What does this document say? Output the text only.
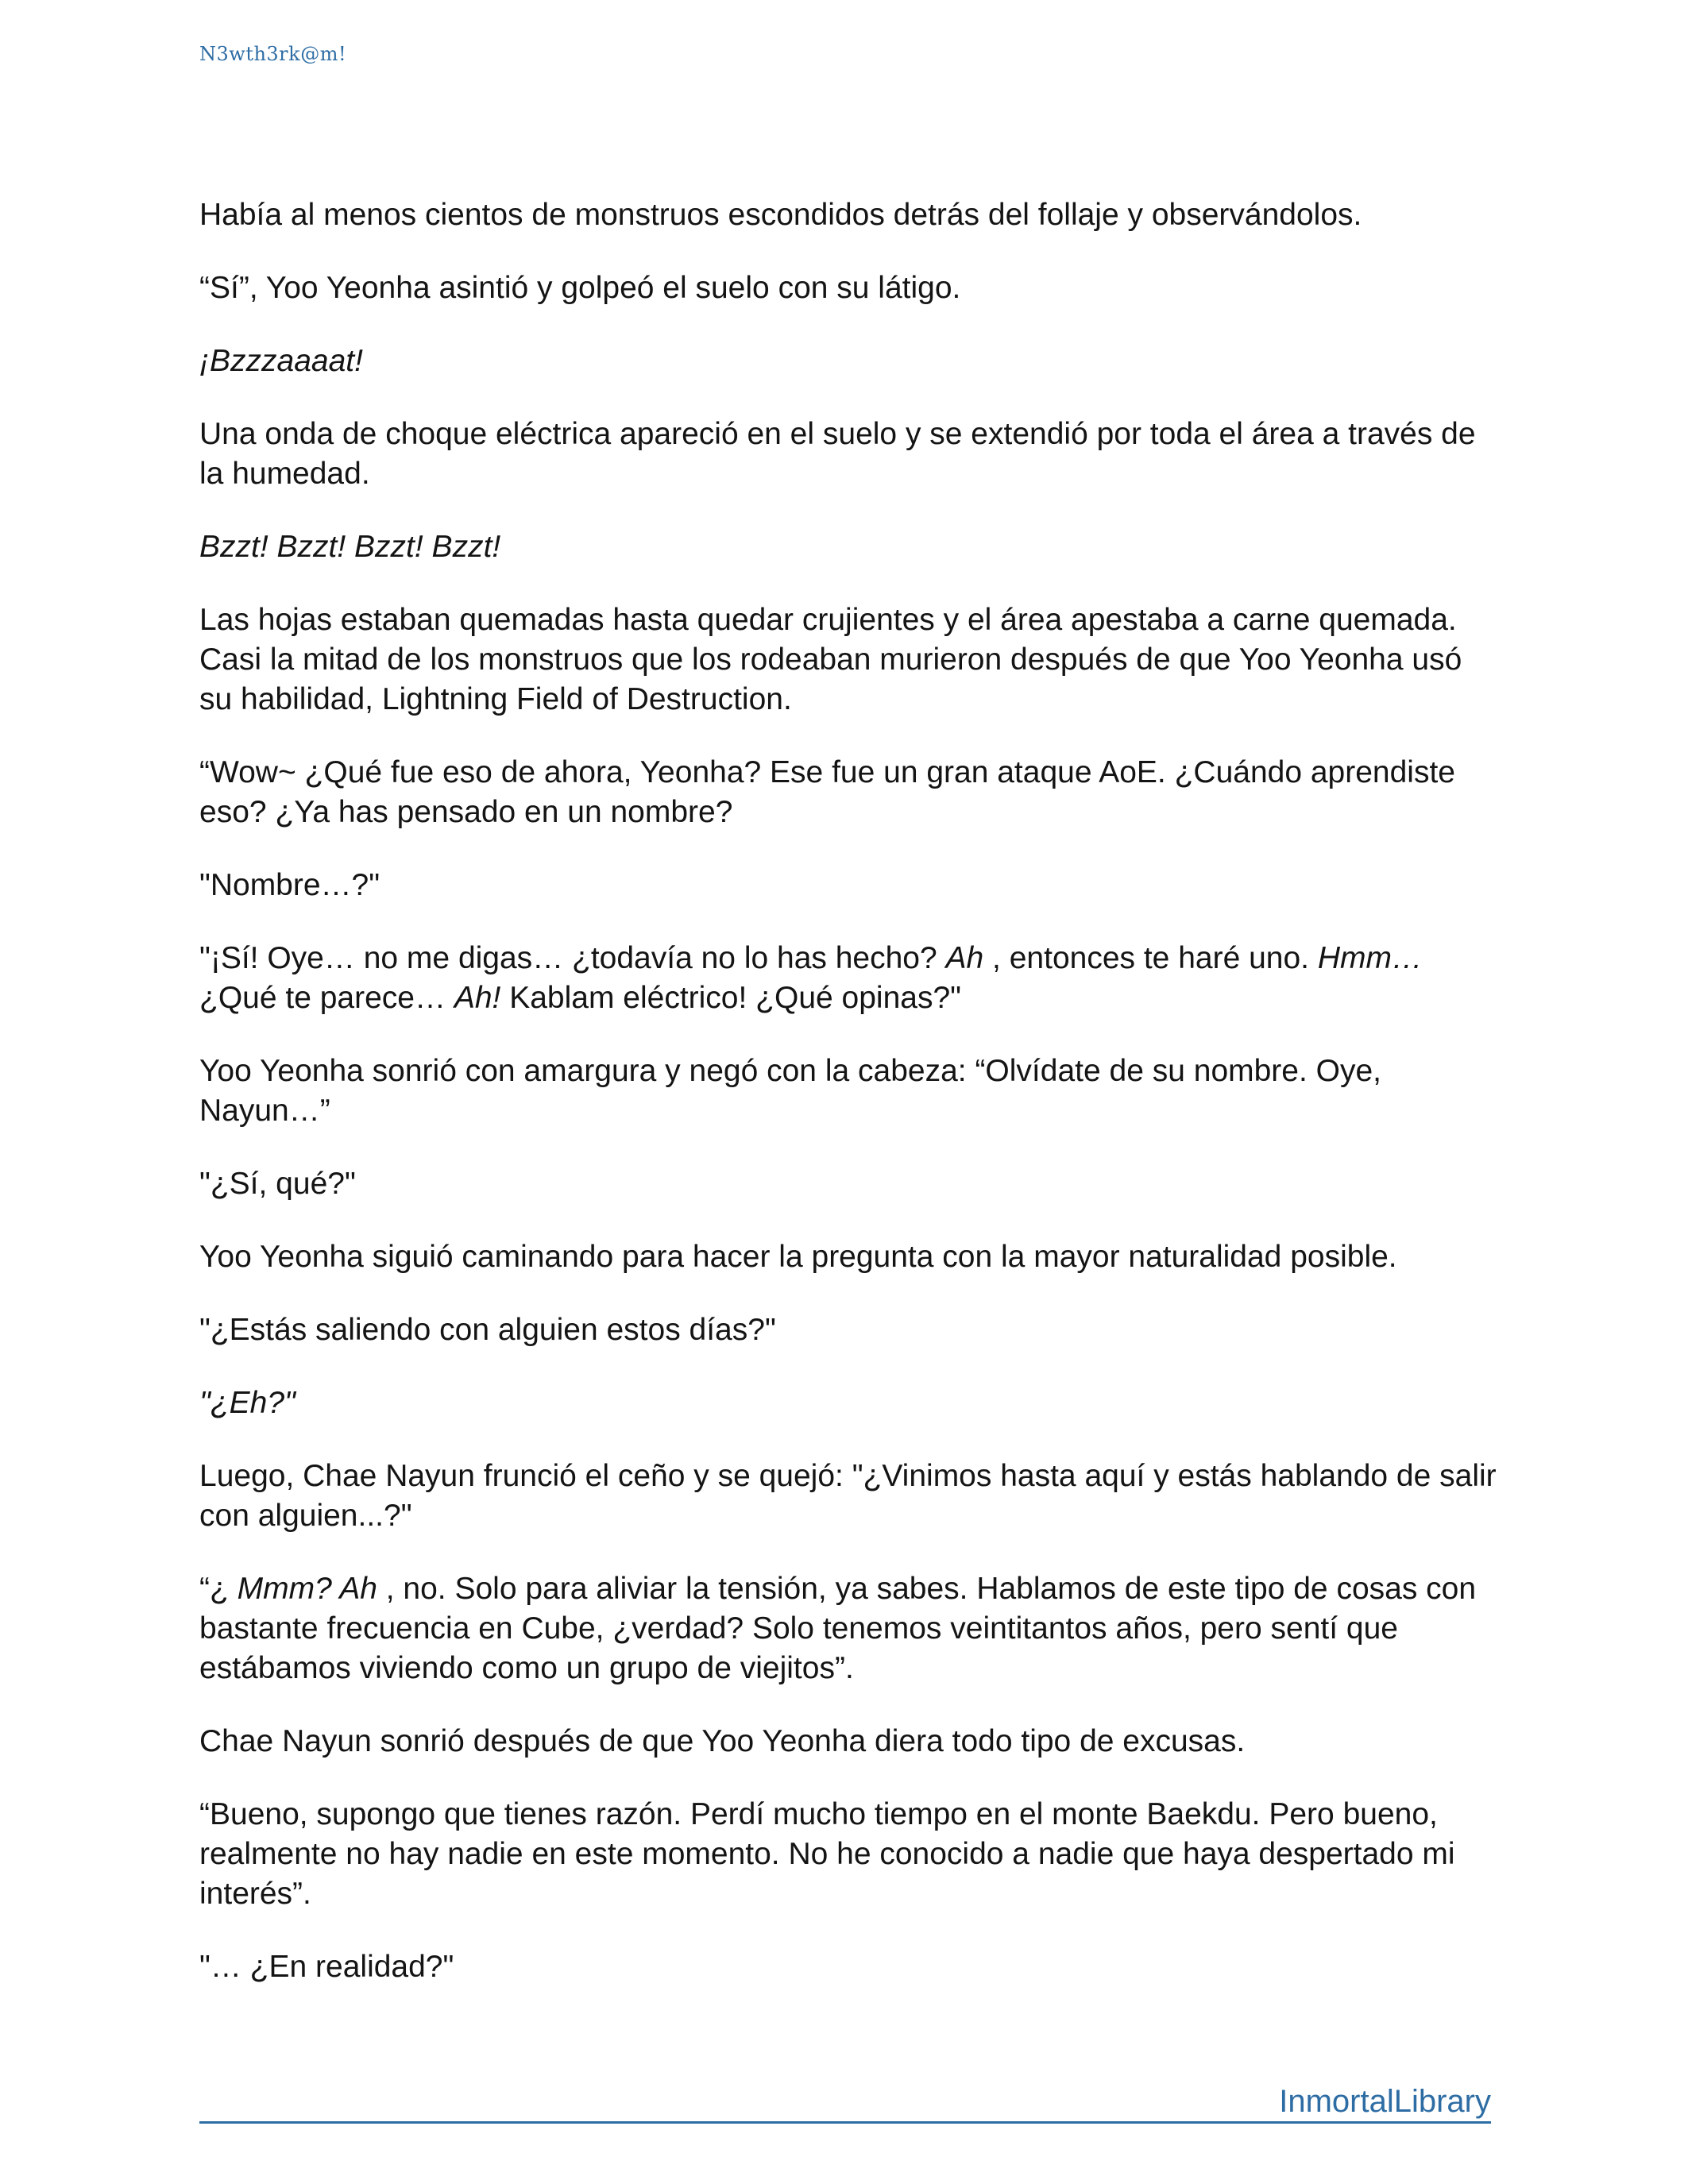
N3wth3rk@m!

Había al menos cientos de monstruos escondidos detrás del follaje y observándolos.

“Sí”, Yoo Yeonha asintió y golpeó el suelo con su látigo.

¡Bzzzaaaat!

Una onda de choque eléctrica apareció en el suelo y se extendió por toda el área a través de la humedad.

Bzzt! Bzzt! Bzzt! Bzzt!

Las hojas estaban quemadas hasta quedar crujientes y el área apestaba a carne quemada. Casi la mitad de los monstruos que los rodeaban murieron después de que Yoo Yeonha usó su habilidad, Lightning Field of Destruction.

“Wow~ ¿Qué fue eso de ahora, Yeonha? Ese fue un gran ataque AoE. ¿Cuándo aprendiste eso? ¿Ya has pensado en un nombre?

"Nombre…?"

"¡Sí! Oye… no me digas… ¿todavía no lo has hecho? Ah , entonces te haré uno. Hmm… ¿Qué te parece… Ah! Kablam eléctrico! ¿Qué opinas?"

Yoo Yeonha sonrió con amargura y negó con la cabeza: “Olvídate de su nombre. Oye, Nayun…”

"¿Sí, qué?"

Yoo Yeonha siguió caminando para hacer la pregunta con la mayor naturalidad posible.

"¿Estás saliendo con alguien estos días?"

"¿Eh?"

Luego, Chae Nayun frunció el ceño y se quejó: "¿Vinimos hasta aquí y estás hablando de salir con alguien...?"

“¿ Mmm? Ah , no. Solo para aliviar la tensión, ya sabes. Hablamos de este tipo de cosas con bastante frecuencia en Cube, ¿verdad? Solo tenemos veintitantos años, pero sentí que estábamos viviendo como un grupo de viejitos”.

Chae Nayun sonrió después de que Yoo Yeonha diera todo tipo de excusas.

“Bueno, supongo que tienes razón. Perdí mucho tiempo en el monte Baekdu. Pero bueno, realmente no hay nadie en este momento. No he conocido a nadie que haya despertado mi interés”.

"… ¿En realidad?"

InmortalLibrary
